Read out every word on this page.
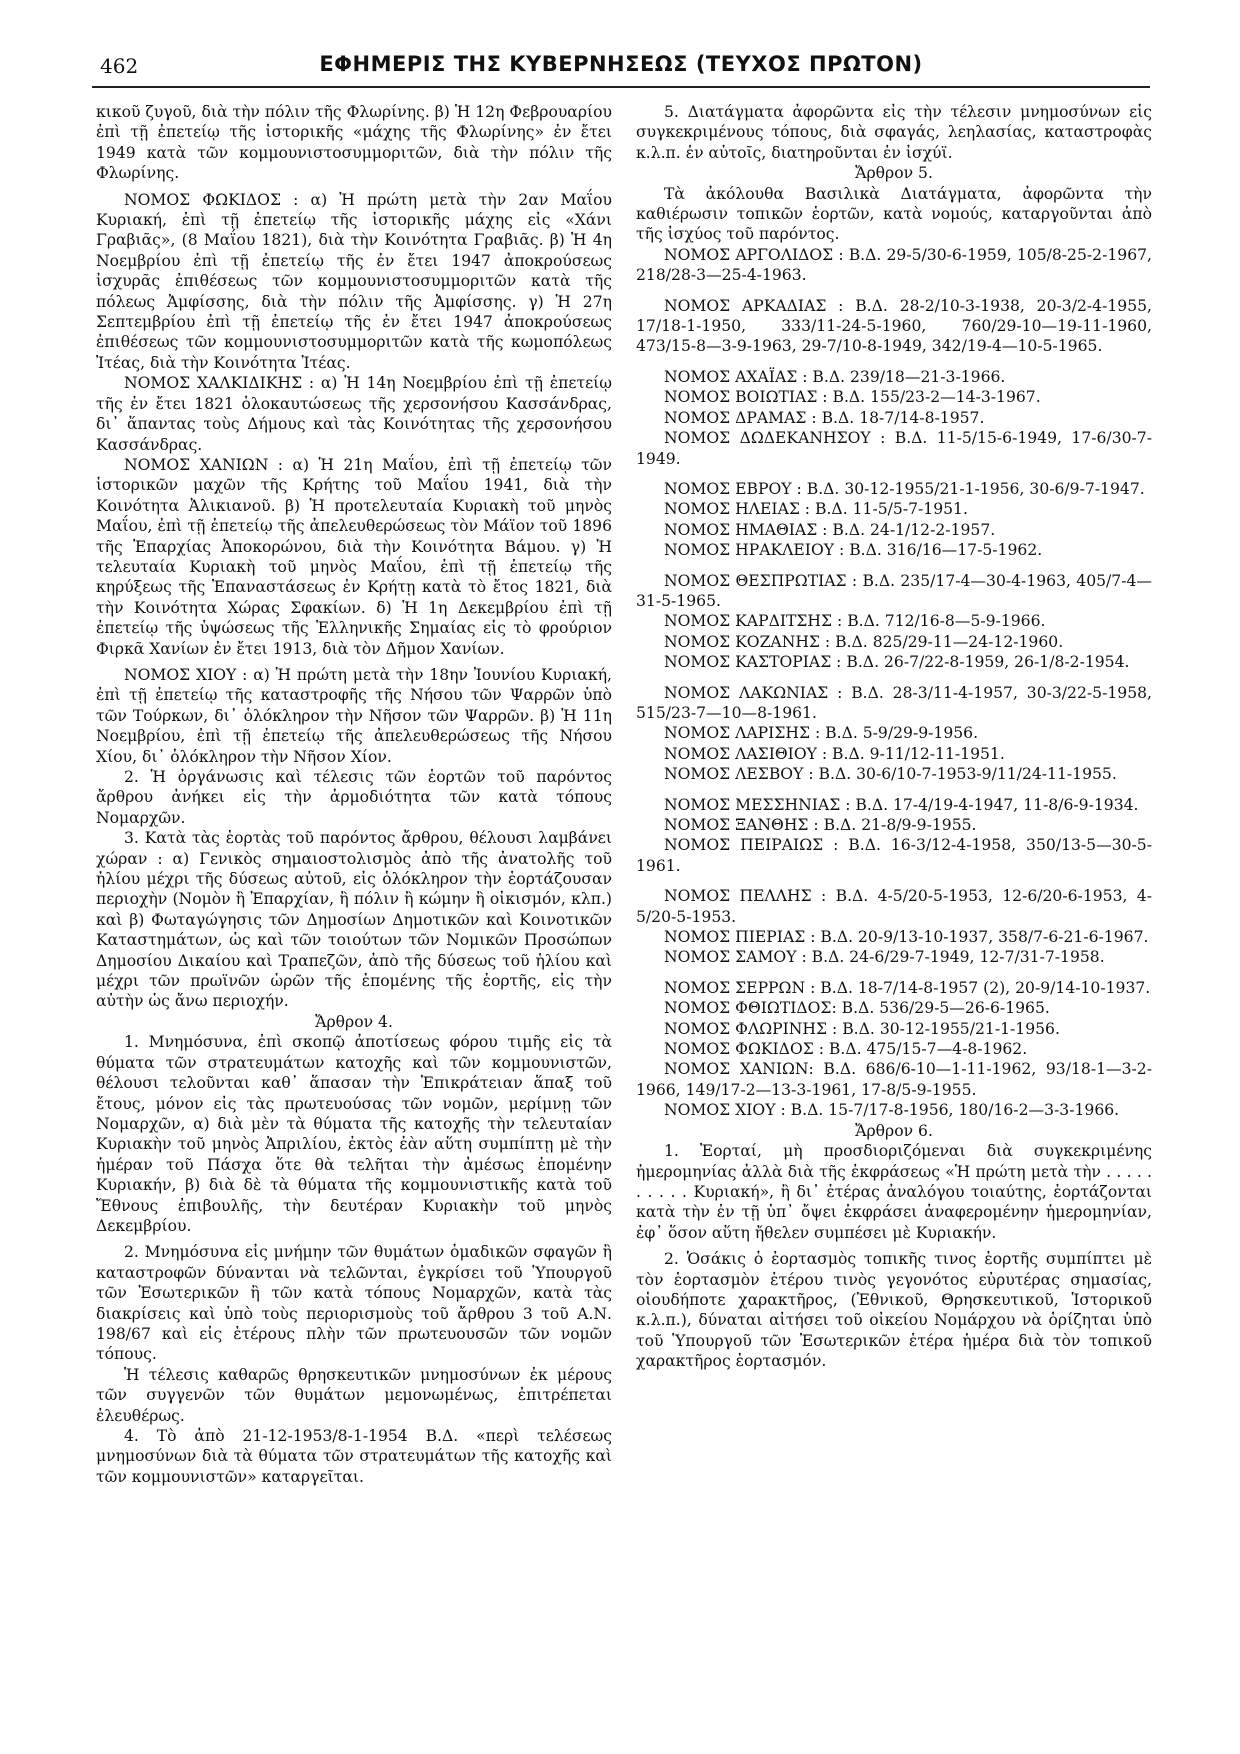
462	ΕΦΗΜΕΡΙΣ ΤΗΣ ΚΥΒΕΡΝΗΣΕΩΣ (ΤΕΥΧΟΣ ΠΡΩΤΟΝ)

κικοῦ ζυγοῦ, διὰ τὴν πόλιν τῆς Φλωρίνης. β) Ἡ 12η Φεβρουαρίου ἐπὶ τῇ ἐπετείῳ τῆς ἱστορικῆς «μάχης τῆς Φλωρίνης» ἐν ἔτει 1949 κατὰ τῶν κομμουνιστοσυμμοριτῶν, διὰ τὴν πόλιν τῆς Φλωρίνης.

ΝΟΜΟΣ ΦΩΚΙΔΟΣ : α) Ἡ πρώτη μετὰ τὴν 2αν Μαΐου Κυριακή, ἐπὶ τῇ ἐπετείῳ τῆς ἱστορικῆς μάχης εἰς «Χάνι Γραβιᾶς», (8 Μαΐου 1821), διὰ τὴν Κοινότητα Γραβιᾶς. β) Ἡ 4η Νοεμβρίου ἐπὶ τῇ ἐπετείῳ τῆς ἐν ἔτει 1947 ἀποκρούσεως ἰσχυρᾶς ἐπιθέσεως τῶν κομμουνιστοσυμμοριτῶν κατὰ τῆς πόλεως Ἀμφίσσης, διὰ τὴν πόλιν τῆς Ἀμφίσσης. γ) Ἡ 27η Σεπτεμβρίου ἐπὶ τῇ ἐπετείῳ τῆς ἐν ἔτει 1947 ἀποκρούσεως ἐπιθέσεως τῶν κομμουνιστοσυμμοριτῶν κατὰ τῆς κωμοπόλεως Ἰτέας, διὰ τὴν Κοινότητα Ἰτέας.

ΝΟΜΟΣ ΧΑΛΚΙΔΙΚΗΣ : α) Ἡ 14η Νοεμβρίου ἐπὶ τῇ ἐπετείῳ τῆς ἐν ἔτει 1821 ὁλοκαυτώσεως τῆς χερσονήσου Κασσάνδρας, δι᾽ ἅπαντας τοὺς Δήμους καὶ τὰς Κοινότητας τῆς χερσονήσου Κασσάνδρας.

ΝΟΜΟΣ ΧΑΝΙΩΝ : α) Ἡ 21η Μαΐου, ἐπὶ τῇ ἐπετείῳ τῶν ἱστορικῶν μαχῶν τῆς Κρήτης τοῦ Μαΐου 1941, διὰ τὴν Κοινότητα Ἀλικιανοῦ. β) Ἡ προτελευταία Κυριακὴ τοῦ μηνὸς Μαΐου, ἐπὶ τῇ ἐπετείῳ τῆς ἀπελευθερώσεως τὸν Μάϊον τοῦ 1896 τῆς Ἐπαρχίας Ἀποκορώνου, διὰ τὴν Κοινότητα Βάμου. γ) Ἡ τελευταία Κυριακὴ τοῦ μηνὸς Μαΐου, ἐπὶ τῇ ἐπετείῳ τῆς κηρύξεως τῆς Ἐπαναστάσεως ἐν Κρήτῃ κατὰ τὸ ἔτος 1821, διὰ τὴν Κοινότητα Χώρας Σφακίων. δ) Ἡ 1η Δεκεμβρίου ἐπὶ τῇ ἐπετείῳ τῆς ὑψώσεως τῆς Ἑλληνικῆς Σημαίας εἰς τὸ φρούριον Φιρκᾶ Χανίων ἐν ἔτει 1913, διὰ τὸν Δῆμον Χανίων.

ΝΟΜΟΣ ΧΙΟΥ : α) Ἡ πρώτη μετὰ τὴν 18ην Ἰουνίου Κυριακή, ἐπὶ τῇ ἐπετείῳ τῆς καταστροφῆς τῆς Νήσου τῶν Ψαρρῶν ὑπὸ τῶν Τούρκων, δι᾽ ὁλόκληρον τὴν Νῆσον τῶν Ψαρρῶν. β) Ἡ 11η Νοεμβρίου, ἐπὶ τῇ ἐπετείῳ τῆς ἀπελευθερώσεως τῆς Νήσου Χίου, δι᾽ ὁλόκληρον τὴν Νῆσον Χίον.

2. Ἡ ὀργάνωσις καὶ τέλεσις τῶν ἑορτῶν τοῦ παρόντος ἄρθρου ἀνήκει εἰς τὴν ἁρμοδιότητα τῶν κατὰ τόπους Νομαρχῶν.

3. Κατὰ τὰς ἑορτὰς τοῦ παρόντος ἄρθρου, θέλουσι λαμβάνει χώραν : α) Γενικὸς σημαιοστολισμὸς ἀπὸ τῆς ἀνατολῆς τοῦ ἡλίου μέχρι τῆς δύσεως αὐτοῦ, εἰς ὁλόκληρον τὴν ἑορτάζουσαν περιοχὴν (Νομὸν ἢ Ἐπαρχίαν, ἢ πόλιν ἢ κώμην ἢ οἰκισμόν, κλπ.) καὶ β) Φωταγώγησις τῶν Δημοσίων Δημοτικῶν καὶ Κοινοτικῶν Καταστημάτων, ὡς καὶ τῶν τοιούτων τῶν Νομικῶν Προσώπων Δημοσίου Δικαίου καὶ Τραπεζῶν, ἀπὸ τῆς δύσεως τοῦ ἡλίου καὶ μέχρι τῶν πρωϊνῶν ὡρῶν τῆς ἑπομένης τῆς ἑορτῆς, εἰς τὴν αὐτὴν ὡς ἄνω περιοχήν.

Ἄρθρον 4.

1. Μνημόσυνα, ἐπὶ σκοπῷ ἀποτίσεως φόρου τιμῆς εἰς τὰ θύματα τῶν στρατευμάτων κατοχῆς καὶ τῶν κομμουνιστῶν, θέλουσι τελοῦνται καθ᾽ ἅπασαν τὴν Ἐπικράτειαν ἅπαξ τοῦ ἔτους, μόνον εἰς τὰς πρωτευούσας τῶν νομῶν, μερίμνῃ τῶν Νομαρχῶν, α) διὰ μὲν τὰ θύματα τῆς κατοχῆς τὴν τελευταίαν Κυριακὴν τοῦ μηνὸς Ἀπριλίου, ἐκτὸς ἐὰν αὕτη συμπίπτῃ μὲ τὴν ἡμέραν τοῦ Πάσχα ὅτε θὰ τελῆται τὴν ἀμέσως ἑπομένην Κυριακήν, β) διὰ δὲ τὰ θύματα τῆς κομμουνιστικῆς κατὰ τοῦ Ἔθνους ἐπιβουλῆς, τὴν δευτέραν Κυριακὴν τοῦ μηνὸς Δεκεμβρίου.

2. Μνημόσυνα εἰς μνήμην τῶν θυμάτων ὁμαδικῶν σφαγῶν ἢ καταστροφῶν δύνανται νὰ τελῶνται, ἐγκρίσει τοῦ Ὑπουργοῦ τῶν Ἐσωτερικῶν ἢ τῶν κατὰ τόπους Νομαρχῶν, κατὰ τὰς διακρίσεις καὶ ὑπὸ τοὺς περιορισμοὺς τοῦ ἄρθρου 3 τοῦ Α.Ν. 198/67 καὶ εἰς ἑτέρους πλὴν τῶν πρωτευουσῶν τῶν νομῶν τόπους.

Ἡ τέλεσις καθαρῶς θρησκευτικῶν μνημοσύνων ἐκ μέρους τῶν συγγενῶν τῶν θυμάτων μεμονωμένως, ἐπιτρέπεται ἐλευθέρως.

4. Τὸ ἀπὸ 21-12-1953/8-1-1954 Β.Δ. «περὶ τελέσεως μνημοσύνων διὰ τὰ θύματα τῶν στρατευμάτων τῆς κατοχῆς καὶ τῶν κομμουνιστῶν» καταργεῖται.

5. Διατάγματα ἀφορῶντα εἰς τὴν τέλεσιν μνημοσύνων εἰς συγκεκριμένους τόπους, διὰ σφαγάς, λεηλασίας, καταστροφὰς κ.λ.π. ἐν αὐτοῖς, διατηροῦνται ἐν ἰσχύϊ.

Ἄρθρον 5.

Τὰ ἀκόλουθα Βασιλικὰ Διατάγματα, ἀφορῶντα τὴν καθιέρωσιν τοπικῶν ἑορτῶν, κατὰ νομούς, καταργοῦνται ἀπὸ τῆς ἰσχύος τοῦ παρόντος.

ΝΟΜΟΣ ΑΡΓΟΛΙΔΟΣ : Β.Δ. 29-5/30-6-1959, 105/8-25-2-1967, 218/28-3—25-4-1963.

ΝΟΜΟΣ ΑΡΚΑΔΙΑΣ : Β.Δ. 28-2/10-3-1938, 20-3/2-4-1955, 17/18-1-1950, 333/11-24-5-1960, 760/29-10—19-11-1960, 473/15-8—3-9-1963, 29-7/10-8-1949, 342/19-4—10-5-1965.

ΝΟΜΟΣ ΑΧΑΪΑΣ : Β.Δ. 239/18—21-3-1966.

ΝΟΜΟΣ ΒΟΙΩΤΙΑΣ : Β.Δ. 155/23-2—14-3-1967.

ΝΟΜΟΣ ΔΡΑΜΑΣ : Β.Δ. 18-7/14-8-1957.

ΝΟΜΟΣ ΔΩΔΕΚΑΝΗΣΟΥ : Β.Δ. 11-5/15-6-1949, 17-6/30-7-1949.

ΝΟΜΟΣ ΕΒΡΟΥ : Β.Δ. 30-12-1955/21-1-1956, 30-6/9-7-1947.

ΝΟΜΟΣ ΗΛΕΙΑΣ : Β.Δ. 11-5/5-7-1951.

ΝΟΜΟΣ ΗΜΑΘΙΑΣ : Β.Δ. 24-1/12-2-1957.

ΝΟΜΟΣ ΗΡΑΚΛΕΙΟΥ : Β.Δ. 316/16—17-5-1962.

ΝΟΜΟΣ ΘΕΣΠΡΩΤΙΑΣ : Β.Δ. 235/17-4—30-4-1963, 405/7-4—31-5-1965.

ΝΟΜΟΣ ΚΑΡΔΙΤΣΗΣ : Β.Δ. 712/16-8—5-9-1966.

ΝΟΜΟΣ ΚΟΖΑΝΗΣ : Β.Δ. 825/29-11—24-12-1960.

ΝΟΜΟΣ ΚΑΣΤΟΡΙΑΣ : Β.Δ. 26-7/22-8-1959, 26-1/8-2-1954.

ΝΟΜΟΣ ΛΑΚΩΝΙΑΣ : Β.Δ. 28-3/11-4-1957, 30-3/22-5-1958, 515/23-7—10—8-1961.

ΝΟΜΟΣ ΛΑΡΙΣΗΣ : Β.Δ. 5-9/29-9-1956.

ΝΟΜΟΣ ΛΑΣΙΘΙΟΥ : Β.Δ. 9-11/12-11-1951.

ΝΟΜΟΣ ΛΕΣΒΟΥ : Β.Δ. 30-6/10-7-1953-9/11/24-11-1955.

ΝΟΜΟΣ ΜΕΣΣΗΝΙΑΣ : Β.Δ. 17-4/19-4-1947, 11-8/6-9-1934.

ΝΟΜΟΣ ΞΑΝΘΗΣ : Β.Δ. 21-8/9-9-1955.

ΝΟΜΟΣ ΠΕΙΡΑΙΩΣ : Β.Δ. 16-3/12-4-1958, 350/13-5—30-5-1961.

ΝΟΜΟΣ ΠΕΛΛΗΣ : Β.Δ. 4-5/20-5-1953, 12-6/20-6-1953, 4-5/20-5-1953.

ΝΟΜΟΣ ΠΙΕΡΙΑΣ : Β.Δ. 20-9/13-10-1937, 358/7-6-21-6-1967.

ΝΟΜΟΣ ΣΑΜΟΥ : Β.Δ. 24-6/29-7-1949, 12-7/31-7-1958.

ΝΟΜΟΣ ΣΕΡΡΩΝ : Β.Δ. 18-7/14-8-1957 (2), 20-9/14-10-1937.

ΝΟΜΟΣ ΦΘΙΩΤΙΔΟΣ: Β.Δ. 536/29-5—26-6-1965.

ΝΟΜΟΣ ΦΛΩΡΙΝΗΣ : Β.Δ. 30-12-1955/21-1-1956.

ΝΟΜΟΣ ΦΩΚΙΔΟΣ : Β.Δ. 475/15-7—4-8-1962.

ΝΟΜΟΣ ΧΑΝΙΩΝ: Β.Δ. 686/6-10—1-11-1962, 93/18-1—3-2-1966, 149/17-2—13-3-1961, 17-8/5-9-1955.

ΝΟΜΟΣ ΧΙΟΥ : Β.Δ. 15-7/17-8-1956, 180/16-2—3-3-1966.

Ἄρθρον 6.

1. Ἑορταί, μὴ προσδιοριζόμεναι διὰ συγκεκριμένης ἡμερομηνίας ἀλλὰ διὰ τῆς ἐκφράσεως «Ἡ πρώτη μετὰ τὴν . . . . . . . . . . Κυριακή», ἢ δι᾽ ἑτέρας ἀναλόγου τοιαύτης, ἑορτάζονται κατὰ τὴν ἐν τῇ ὑπ᾽ ὄψει ἐκφράσει ἀναφερομένην ἡμερομηνίαν, ἐφ᾽ ὅσον αὕτη ἤθελεν συμπέσει μὲ Κυριακήν.

2. Ὁσάκις ὁ ἑορτασμὸς τοπικῆς τινος ἑορτῆς συμπίπτει μὲ τὸν ἑορτασμὸν ἑτέρου τινὸς γεγονότος εὐρυτέρας σημασίας, οἱουδήποτε χαρακτῆρος, (Ἐθνικοῦ, Θρησκευτικοῦ, Ἱστορικοῦ κ.λ.π.), δύναται αἰτήσει τοῦ οἰκείου Νομάρχου νὰ ὁρίζηται ὑπὸ τοῦ Ὑπουργοῦ τῶν Ἐσωτερικῶν ἑτέρα ἡμέρα διὰ τὸν τοπικοῦ χαρακτῆρος ἑορτασμόν.
